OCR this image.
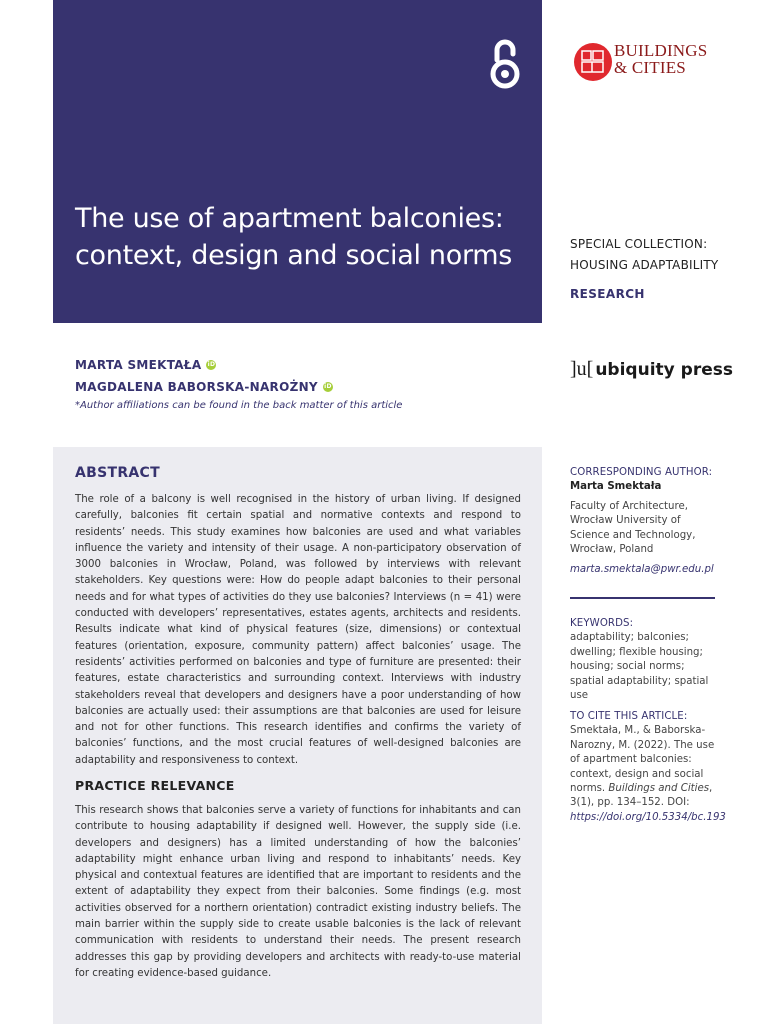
The use of apartment balconies: context, design and social norms
BUILDINGS
& CITIES
SPECIAL COLLECTION:
HOUSING ADAPTABILITY
RESEARCH
]u[ ubiquity press
MARTA SMEKTAŁA iD
MAGDALENA BABORSKA-NAROŻNY iD
*Author affiliations can be found in the back matter of this article
ABSTRACT

The role of a balcony is well recognised in the history of urban living. If designed carefully, balconies fit certain spatial and normative contexts and respond to residents’ needs. This study examines how balconies are used and what variables influence the variety and intensity of their usage. A non-participatory observation of 3000 balconies in Wrocław, Poland, was followed by interviews with relevant stakeholders. Key questions were: How do people adapt balconies to their personal needs and for what types of activities do they use balconies? Interviews (n = 41) were conducted with developers’ representatives, estates agents, architects and residents. Results indicate what kind of physical features (size, dimensions) or contextual features (orientation, exposure, community pattern) affect balconies’ usage. The residents’ activities performed on balconies and type of furniture are presented: their features, estate characteristics and surrounding context. Interviews with industry stakeholders reveal that developers and designers have a poor understanding of how balconies are actually used: their assumptions are that balconies are used for leisure and not for other functions. This research identifies and confirms the variety of balconies’ functions, and the most crucial features of well-designed balconies are adaptability and responsiveness to context.

PRACTICE RELEVANCE

This research shows that balconies serve a variety of functions for inhabitants and can contribute to housing adaptability if designed well. However, the supply side (i.e. developers and designers) has a limited understanding of how the balconies’ adaptability might enhance urban living and respond to inhabitants’ needs. Key physical and contextual features are identified that are important to residents and the extent of adaptability they expect from their balconies. Some findings (e.g. most activities observed for a northern orientation) contradict existing industry beliefs. The main barrier within the supply side to create usable balconies is the lack of relevant communication with residents to understand their needs. The present research addresses this gap by providing developers and architects with ready-to-use material for creating evidence-based guidance.

CORRESPONDING AUTHOR:
Marta Smektała
Faculty of Architecture, Wrocław University of Science and Technology, Wrocław, Poland
marta.smektala@pwr.edu.pl
KEYWORDS:
adaptability; balconies; dwelling; flexible housing; housing; social norms; spatial adaptability; spatial use
TO CITE THIS ARTICLE:
Smektała, M., & Baborska-Narozny, M. (2022). The use of apartment balconies: context, design and social norms. Buildings and Cities, 3(1), pp. 134–152. DOI: https://doi.org/10.5334/bc.193
